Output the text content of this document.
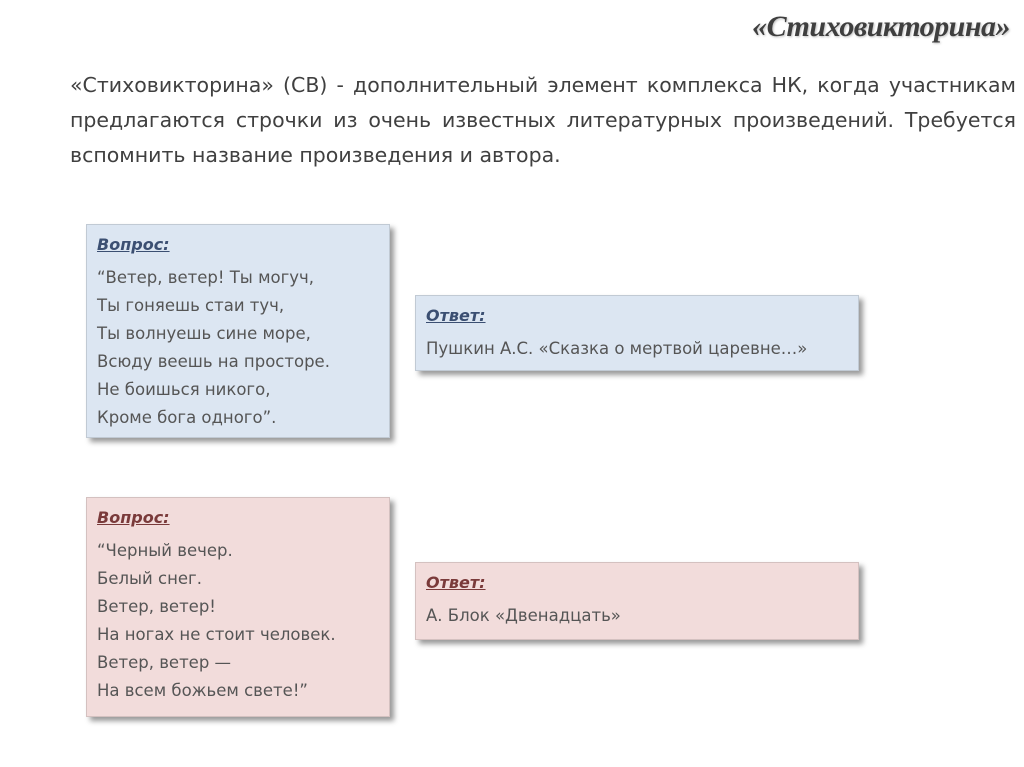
«Стиховикторина»

«Стиховикторина» (СВ) - дополнительный элемент комплекса НК, когда участникам предлагаются строчки из очень известных литературных произведений. Требуется вспомнить название произведения и автора.

Вопрос:
“Ветер, ветер! Ты могуч,
Ты гоняешь стаи туч,
Ты волнуешь сине море,
Всюду веешь на просторе.
Не боишься никого,
Кроме бога одного”.
Ответ:
Пушкин А.С. «Сказка о мертвой царевне…»
Вопрос:
“Черный вечер.
Белый снег.
Ветер, ветер!
На ногах не стоит человек.
Ветер, ветер —
На всем божьем свете!”
Ответ:
А. Блок «Двенадцать»
